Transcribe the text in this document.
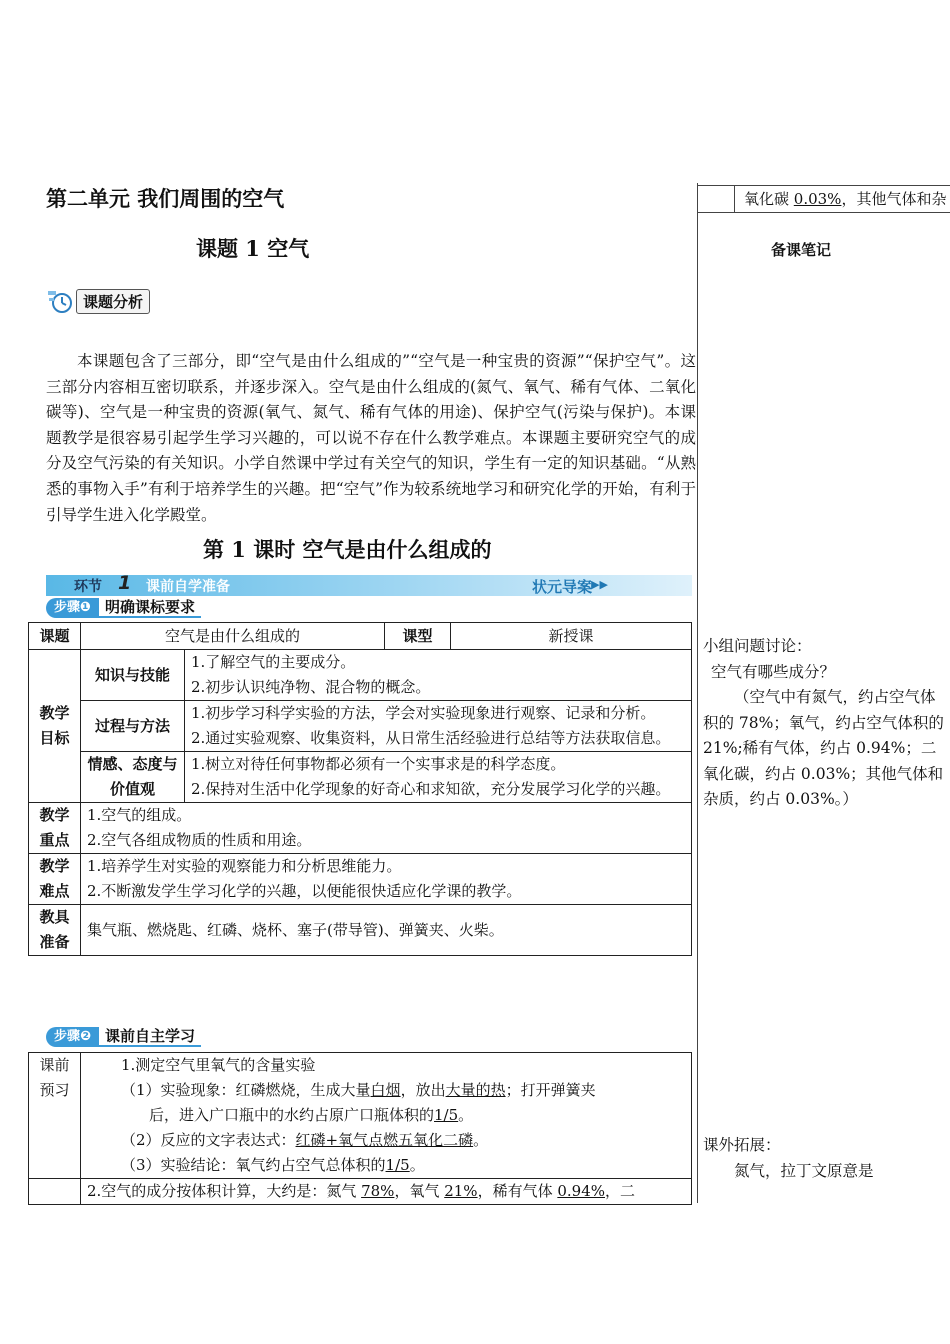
第二单元 我们周围的空气
课题 1 空气
课题分析

本课题包含了三部分，即“空气是由什么组成的”“空气是一种宝贵的资源”“保护空气”。这三部分内容相互密切联系，并逐步深入。空气是由什么组成的(氮气、氧气、稀有气体、二氧化碳等)、空气是一种宝贵的资源(氧气、氮气、稀有气体的用途)、保护空气(污染与保护)。本课题教学是很容易引起学生学习兴趣的，可以说不存在什么教学难点。本课题主要研究空气的成分及空气污染的有关知识。小学自然课中学过有关空气的知识，学生有一定的知识基础。“从熟悉的事物入手”有利于培养学生的兴趣。把“空气”作为较系统地学习和研究化学的开始，有利于引导学生进入化学殿堂。

第 1 课时 空气是由什么组成的
环节 1 课前自学准备	状元导案 ▶▶
步骤❶ 明确课标要求
课题	空气是由什么组成的		课型	新授课
教学目标	知识与技能	1.了解空气的主要成分。
2.初步认识纯净物、混合物的概念。		

	过程与方法	1.初步学习科学实验的方法，学会对实验现象进行观察、记录和分析。
2.通过实验观察、收集资料，从日常生活经验进行总结等方法获取信息。		

	情感、态度与价值观	1.树立对待任何事物都必须有一个实事求是的科学态度。
2.保持对生活中化学现象的好奇心和求知欲，充分发展学习化学的兴趣。		

教学重点	1.空气的组成。
2.空气各组成物质的性质和用途。			

教学难点	1.培养学生对实验的观察能力和分析思维能力。
2.不断激发学生学习化学的兴趣，以便能很快适应化学课的教学。			

教具准备	集气瓶、燃烧匙、红磷、烧杯、塞子(带导管)、弹簧夹、火柴。			
步骤❷ 课前自主学习
课前预习	1.测定空气里氧气的含量实验
（1）实验现象：红磷燃烧，生成大量白烟，放出大量的热；打开弹簧夹
后，进入广口瓶中的水约占原广口瓶体积的1/5。
（2）反应的文字表达式：红磷+氧气点燃五氧化二磷。
（3）实验结论：氧气约占空气总体积的1/5。

	2.空气的成分按体积计算，大约是：氮气 78%，氧气 21%，稀有气体 0.94%，二
氧化碳 0.03%，其他气体和杂
备课笔记
小组问题讨论：
空气有哪些成分？
（空气中有氮气，约占空气体积的 78%；氧气，约占空气体积的 21%;稀有气体，约占 0.94%；二氧化碳，约占 0.03%；其他气体和杂质，约占 0.03%。）
课外拓展：
氮气，拉丁文原意是
